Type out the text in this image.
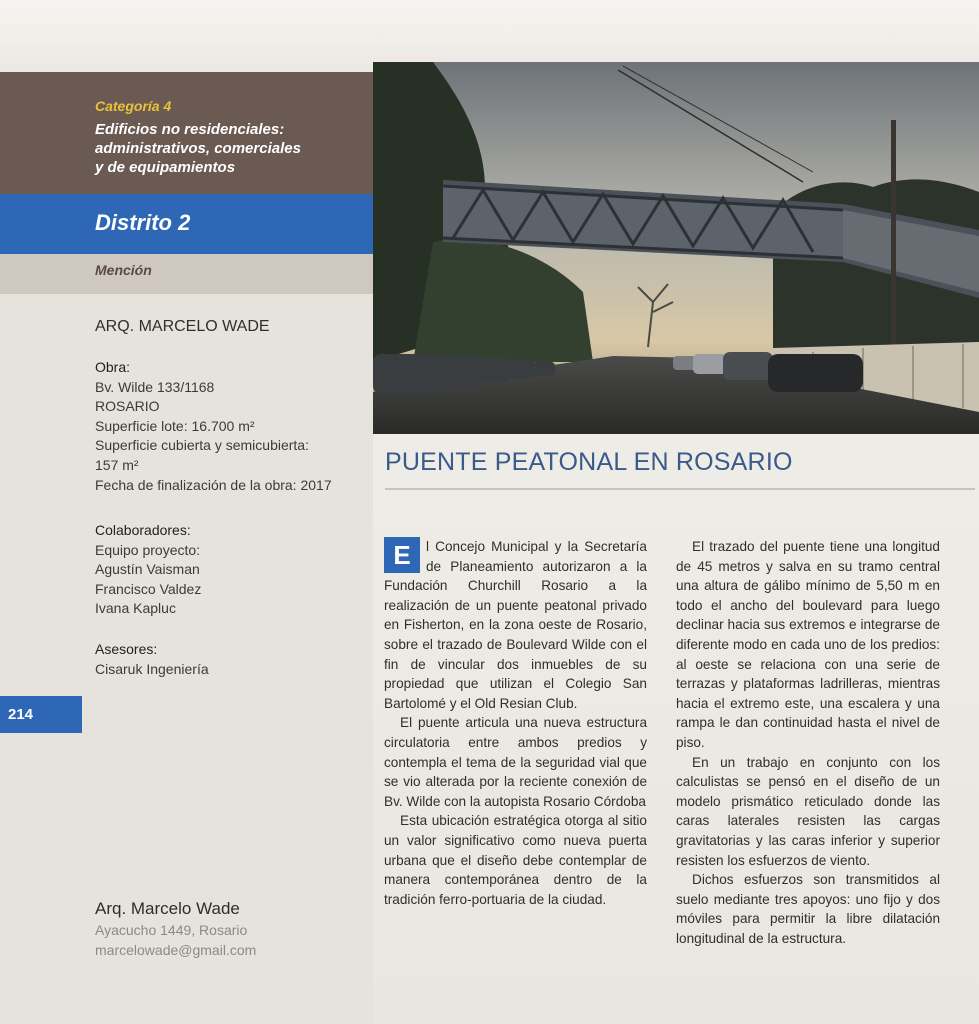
Categoría 4
Edificios no residenciales:
administrativos, comerciales
y de equipamientos
Distrito 2
Mención
ARQ. MARCELO WADE
Obra:
Bv. Wilde 133/1168
ROSARIO
Superficie lote: 16.700 m²
Superficie cubierta y semicubierta:
157 m²
Fecha de finalización de la obra: 2017
Colaboradores:
Equipo proyecto:
Agustín Vaisman
Francisco Valdez
Ivana Kapluc
Asesores:
Cisaruk Ingeniería
214
Arq. Marcelo Wade
Ayacucho 1449, Rosario
marcelowade@gmail.com
PUENTE PEATONAL EN ROSARIO

E	l Concejo Municipal y la Secretaría de Planeamiento autorizaron a la Fundación Churchill Rosario a la realización de un puente peatonal privado en Fisherton, en la zona oeste de Rosario, sobre el trazado de Boulevard Wilde con el fin de vincular dos inmuebles de su propiedad que utilizan el Colegio San Bartolomé y el Old Resian Club.

El puente articula una nueva estructura circulatoria entre ambos predios y contempla el tema de la seguridad vial que se vio alterada por la reciente conexión de Bv. Wilde con la autopista Rosario Córdoba

Esta ubicación estratégica otorga al sitio un valor significativo como nueva puerta urbana que el diseño debe contemplar de manera contemporánea dentro de la tradición ferro-portuaria de la ciudad.

El trazado del puente tiene una longitud de 45 metros y salva en su tramo central una altura de gálibo mínimo de 5,50 m en todo el ancho del boulevard para luego declinar hacia sus extremos e integrarse de diferente modo en cada uno de los predios: al oeste se relaciona con una serie de terrazas y plataformas ladrilleras, mientras hacia el extremo este, una escalera y una rampa le dan continuidad hasta el nivel de piso.

En un trabajo en conjunto con los calculistas se pensó en el diseño de un modelo prismático reticulado donde las caras laterales resisten las cargas gravitatorias y las caras inferior y superior resisten los esfuerzos de viento.

Dichos esfuerzos son transmitidos al suelo mediante tres apoyos: uno fijo y dos móviles para permitir la libre dilatación longitudinal de la estructura.
